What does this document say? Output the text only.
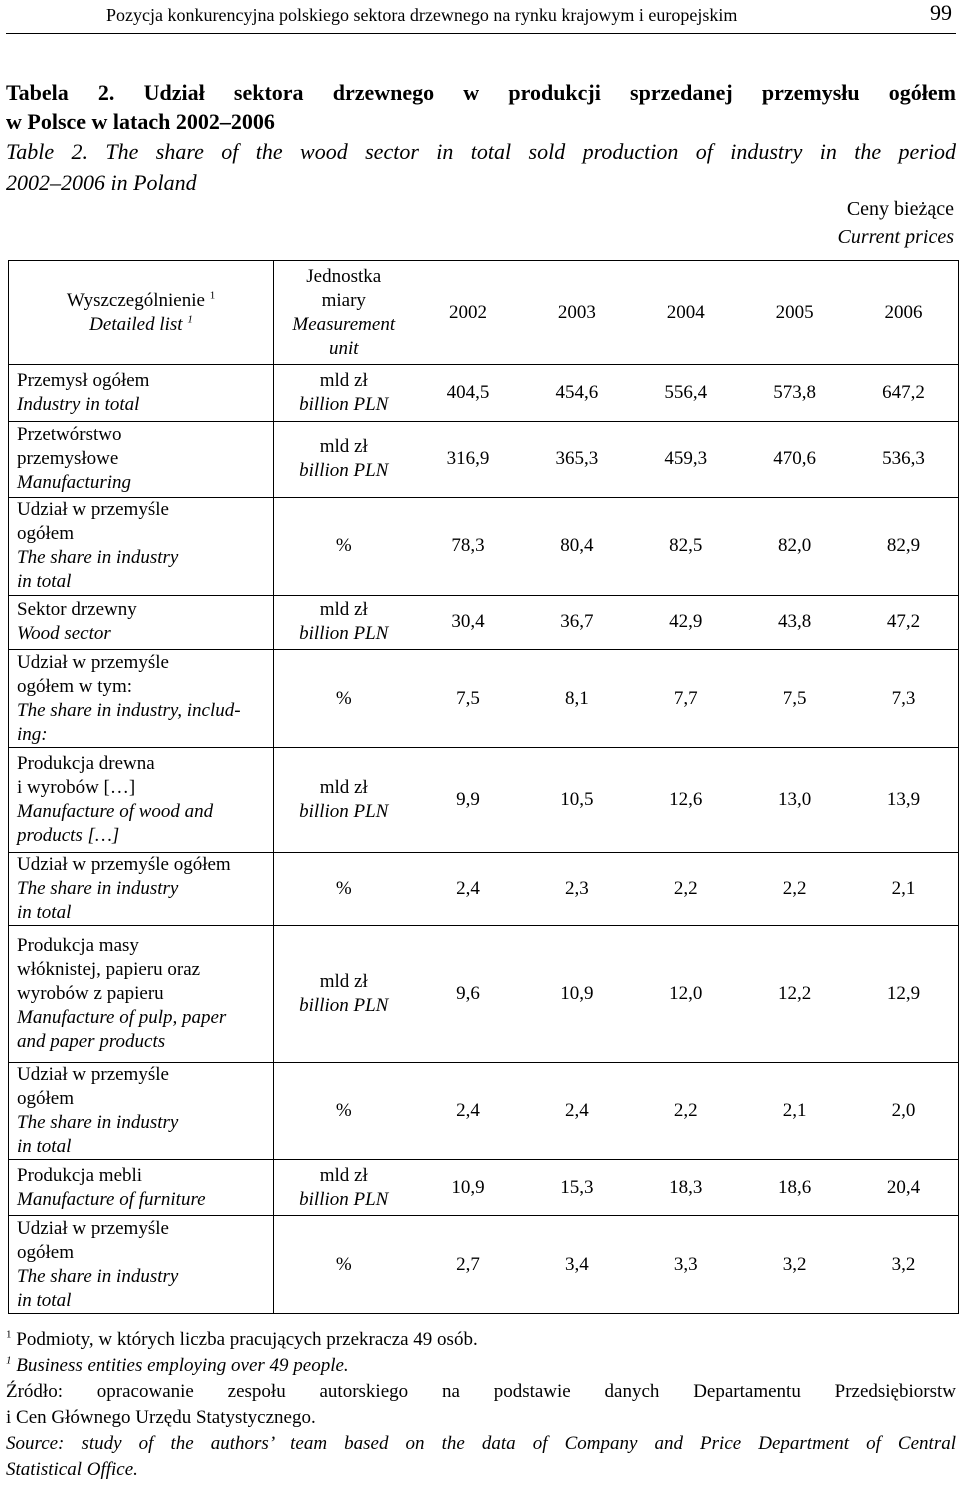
Pozycja konkurencyjna polskiego sektora drzewnego na rynku krajowym i europejskim	99
Tabela 2. Udział sektora drzewnego w produkcji sprzedanej przemysłu ogółem
w Polsce w latach 2002–2006
Table 2. The share of the wood sector in total sold production of industry in the period
2002–2006 in Poland
Ceny bieżące
Current prices
Wyszczególnienie $^1$
Detailed list $^1$	Jednostka
miary
Measurement
unit	2002 2003 2004 2005 2006

Przemysł ogółem
Industry in total	mld zł
billion PLN	404,5 454,6 556,4 573,8 647,2

Przetwórstwo
przemysłowe
Manufacturing	mld zł
billion PLN	316,9 365,3 459,3 470,6 536,3

Udział w przemyśle
ogółem
The share in industry
in total	%	78,3 80,4 82,5 82,0 82,9

Sektor drzewny
Wood sector	mld zł
billion PLN	30,4 36,7 42,9 43,8 47,2

Udział w przemyśle
ogółem w tym:
The share in industry, includ-
ing:	%	7,5 8,1 7,7 7,5 7,3

Produkcja drewna
i wyrobów […]
Manufacture of wood and
products […]	mld zł
billion PLN	9,9 10,5 12,6 13,0 13,9

Udział w przemyśle ogółem
The share in industry
in total	%	2,4 2,3 2,2 2,2 2,1

Produkcja masy
włóknistej, papieru oraz
wyrobów z papieru
Manufacture of pulp, paper
and paper products	mld zł
billion PLN	9,6 10,9 12,0 12,2 12,9

Udział w przemyśle
ogółem
The share in industry
in total	%	2,4 2,4 2,2 2,1 2,0

Produkcja mebli
Manufacture of furniture	mld zł
billion PLN	10,9 15,3 18,3 18,6 20,4

Udział w przemyśle
ogółem
The share in industry
in total	%	2,7 3,4 3,3 3,2 3,2
$^1$ Podmioty, w których liczba pracujących przekracza 49 osób.
$^1$ Business entities employing over 49 people.
Źródło: opracowanie zespołu autorskiego na podstawie danych Departamentu Przedsiębiorstw
i Cen Głównego Urzędu Statystycznego.
Source: study of the authors’ team based on the data of Company and Price Department of Central
Statistical Office.
